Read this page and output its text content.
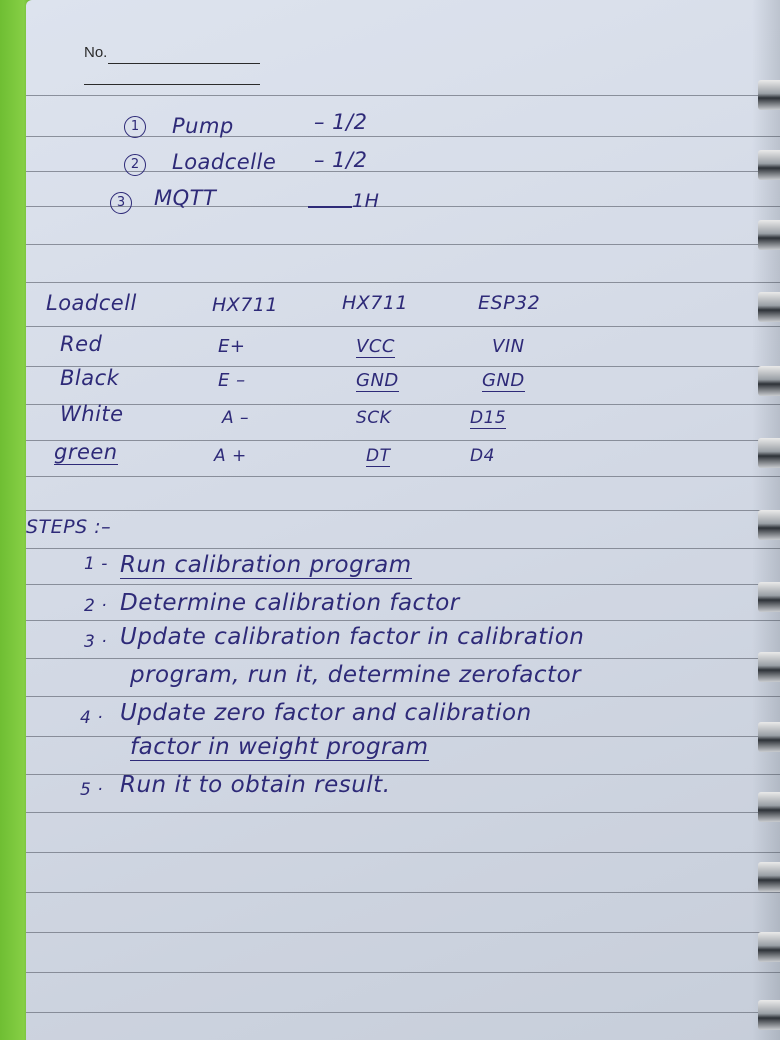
No.
1	Pump	– 1/2
2	Loadcelle – 1/2
3	MQTT	1H
Loadcell	HX711	HX711	ESP32
Red	E+	VCC	VIN
Black	E –	GND	GND
White	A –	SCK	D15
green	A +	DT	D4
STEPS :–
1 - Run calibration program
2 · Determine calibration factor
3 · Update calibration factor in calibration
program, run it, determine zerofactor
4 · Update zero factor and calibration
factor in weight program
5 · Run it to obtain result.
